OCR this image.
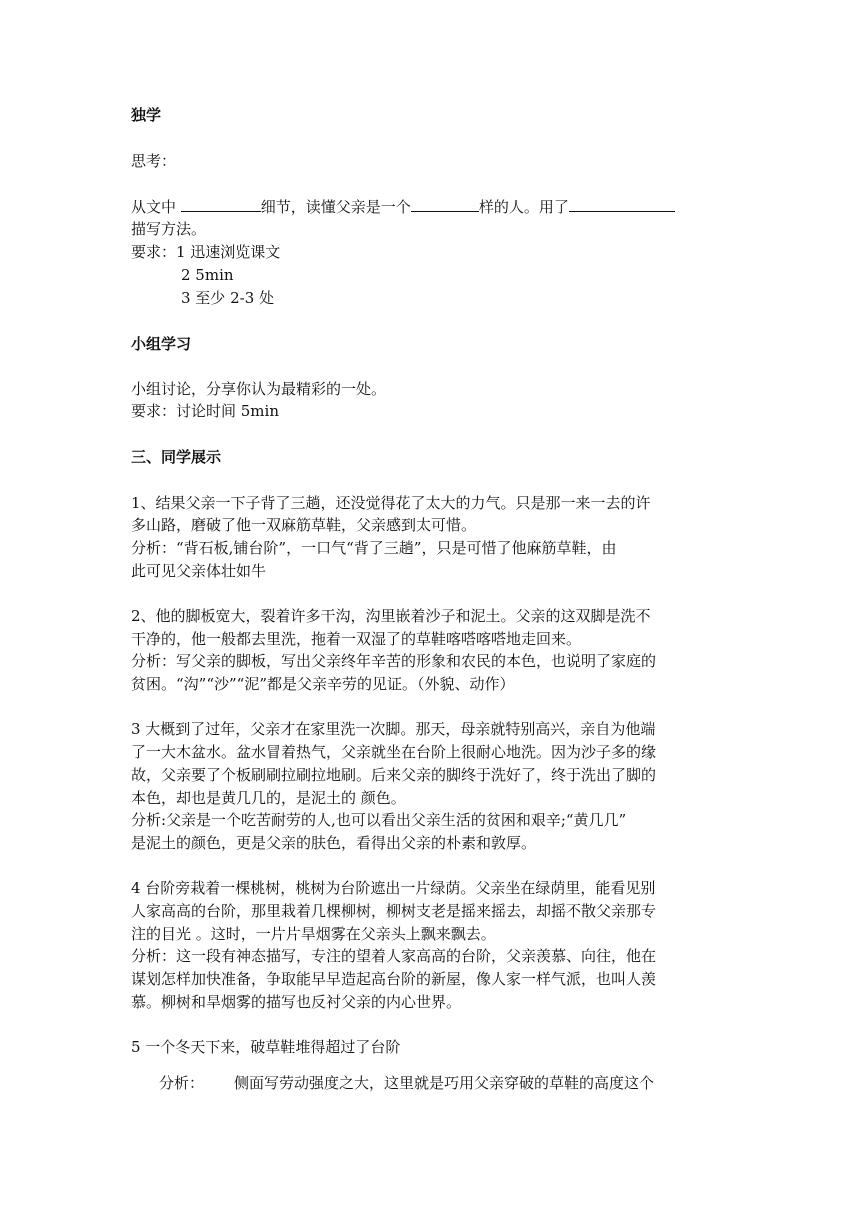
独学
思考：
从文中	细节，读懂父亲是一个	样的人。用了
描写方法。
要求：1 迅速浏览课文
2 5min
3 至少 2-3 处
小组学习
小组讨论，分享你认为最精彩的一处。
要求：讨论时间 5min
三、同学展示
1、结果父亲一下子背了三趟，还没觉得花了太大的力气。只是那一来一去的许
多山路，磨破了他一双麻筋草鞋，父亲感到太可惜。
分析：“背石板,铺台阶”，一口气“背了三趟”，只是可惜了他麻筋草鞋，由
此可见父亲体壮如牛
2、他的脚板宽大，裂着许多干沟，沟里嵌着沙子和泥土。父亲的这双脚是洗不
干净的，他一般都去里洗，拖着一双湿了的草鞋喀嗒喀嗒地走回来。
分析：写父亲的脚板，写出父亲终年辛苦的形象和农民的本色，也说明了家庭的
贫困。“沟”“沙”“泥”都是父亲辛劳的见证。（外貌、动作）
3 大概到了过年，父亲才在家里洗一次脚。那天，母亲就特别高兴，亲自为他端
了一大木盆水。盆水冒着热气，父亲就坐在台阶上很耐心地洗。因为沙子多的缘
故，父亲要了个板刷刷拉刷拉地刷。后来父亲的脚终于洗好了，终于洗出了脚的
本色，却也是黄几几的，是泥土的 颜色。
分析:父亲是一个吃苦耐劳的人,也可以看出父亲生活的贫困和艰辛;“黄几几”
是泥土的颜色，更是父亲的肤色，看得出父亲的朴素和敦厚。
4 台阶旁栽着一棵桃树，桃树为台阶遮出一片绿荫。父亲坐在绿荫里，能看见别
人家高高的台阶，那里栽着几棵柳树，柳树支老是摇来摇去，却摇不散父亲那专
注的目光 。这时，一片片旱烟雾在父亲头上飘来飘去。
分析：这一段有神态描写，专注的望着人家高高的台阶，父亲羡慕、向往，他在
谋划怎样加快准备，争取能早早造起高台阶的新屋，像人家一样气派，也叫人羡
慕。柳树和旱烟雾的描写也反衬父亲的内心世界。
5 一个冬天下来，破草鞋堆得超过了台阶
分析： 侧面写劳动强度之大，这里就是巧用父亲穿破的草鞋的高度这个
